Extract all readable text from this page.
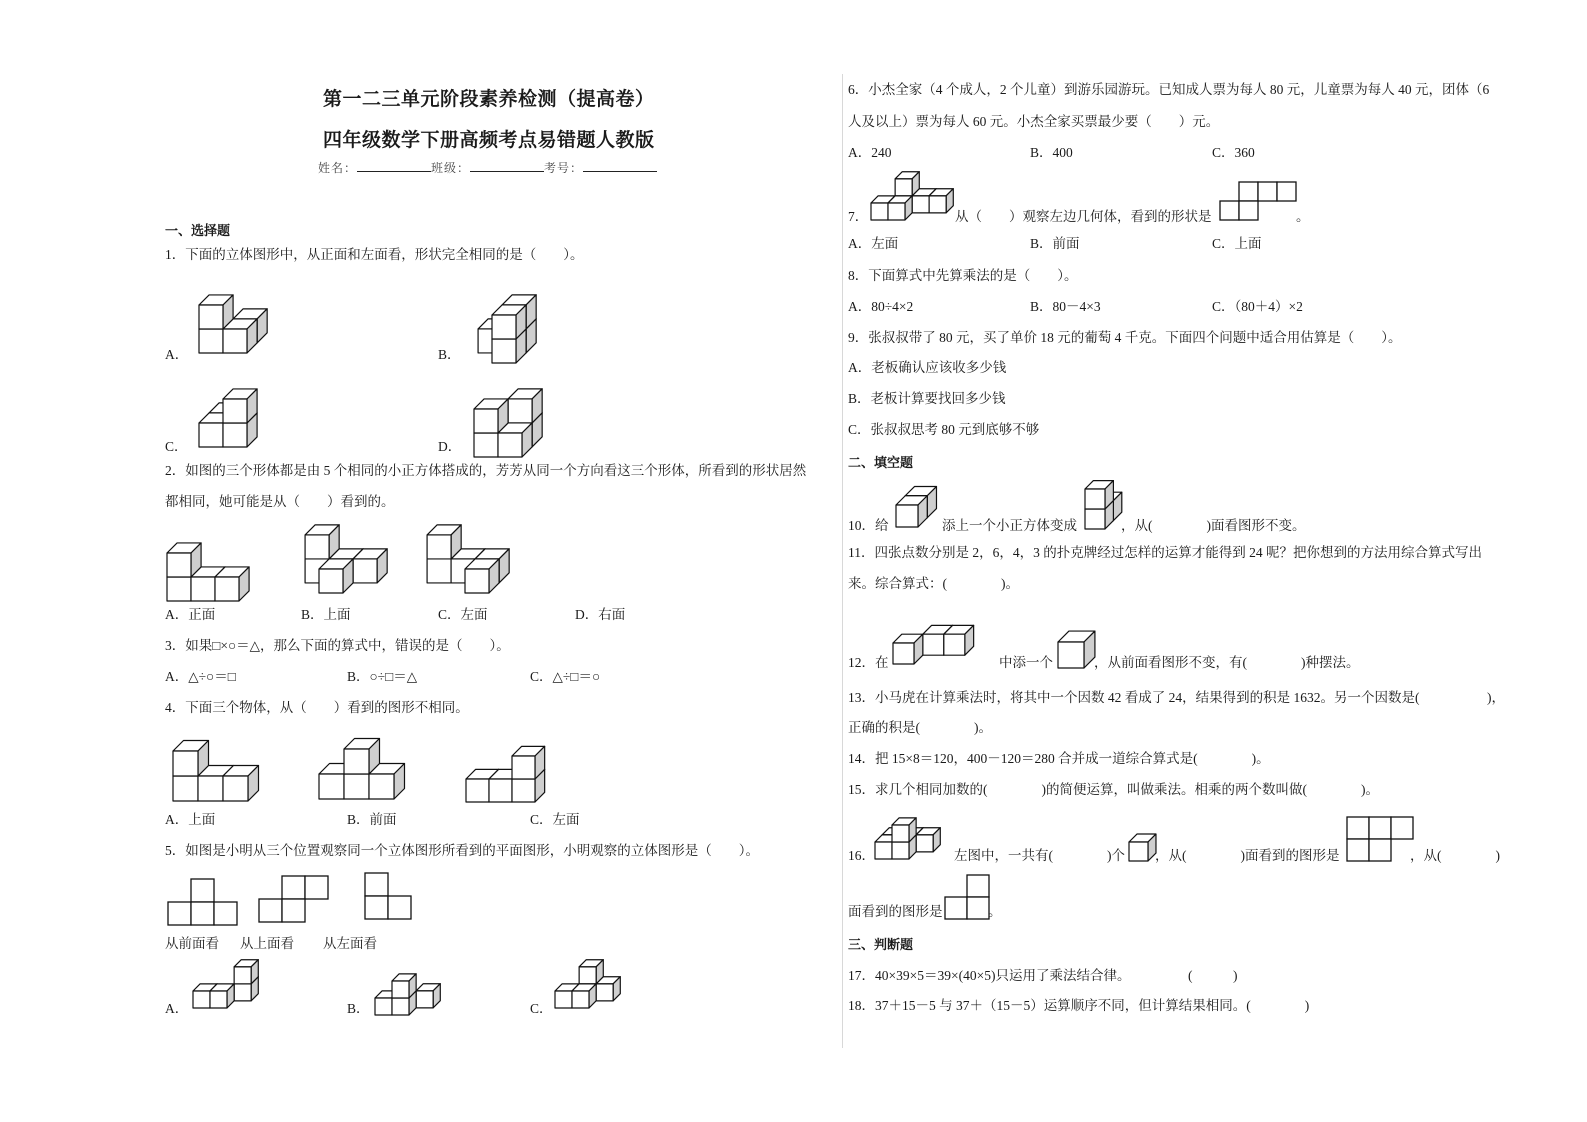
第一二三单元阶段素养检测（提高卷）
四年级数学下册高频考点易错题人教版
姓名：	班级：	考号：
一、选择题
1．下面的立体图形中，从正面和左面看，形状完全相同的是（　　）。
A．	B．
C．	D．
2．如图的三个形体都是由 5 个相同的小正方体搭成的，芳芳从同一个方向看这三个形体，所看到的形状居然
都相同，她可能是从（　　）看到的。
A．正面	B．上面	C．左面	D．右面
3．如果□×○＝△，那么下面的算式中，错误的是（　　）。
A．△÷○＝□	B．○÷□＝△	C．△÷□＝○
4．下面三个物体，从（　　）看到的图形不相同。
A．上面	B．前面	C．左面
5．如图是小明从三个位置观察同一个立体图形所看到的平面图形，小明观察的立体图形是（　　）。
从前面看 从上面看 从左面看
A．	B．	C．
6．小杰全家（4 个成人，2 个儿童）到游乐园游玩。已知成人票为每人 80 元，儿童票为每人 40 元，团体（6
人及以上）票为每人 60 元。小杰全家买票最少要（　　）元。
A．240	B．400	C．360
7．	从（　　）观察左边几何体，看到的形状是	。
A．左面	B．前面	C．上面
8．下面算式中先算乘法的是（　　）。
A．80÷4×2	B．80－4×3	C．（80＋4）×2
9．张叔叔带了 80 元，买了单价 18 元的葡萄 4 千克。下面四个问题中适合用估算是（　　）。
A．老板确认应该收多少钱
B．老板计算要找回多少钱
C．张叔叔思考 80 元到底够不够
二、填空题
10．给	添上一个小正方体变成	，从(　　　　)面看图形不变。
11．四张点数分别是 2，6，4，3 的扑克牌经过怎样的运算才能得到 24 呢？把你想到的方法用综合算式写出
来。综合算式：(　　　　)。
12．在	中添一个	，从前面看图形不变，有(　　　　)种摆法。
13．小马虎在计算乘法时，将其中一个因数 42 看成了 24，结果得到的积是 1632。另一个因数是(　　　　　)，
正确的积是(　　　　)。
14．把 15×8＝120，400－120＝280 合并成一道综合算式是(　　　　)。
15．求几个相同加数的(　　　　)的简便运算，叫做乘法。相乘的两个数叫做(　　　　)。
16．	左图中，一共有(　　　　)个 ，从(　　　　)面看到的图形是	，从(　　　　)
面看到的图形是	。
三、判断题
17．40×39×5＝39×(40×5)只运用了乘法结合律。	(　　　)
18．37＋15－5 与 37＋（15－5）运算顺序不同，但计算结果相同。(　　　　)
